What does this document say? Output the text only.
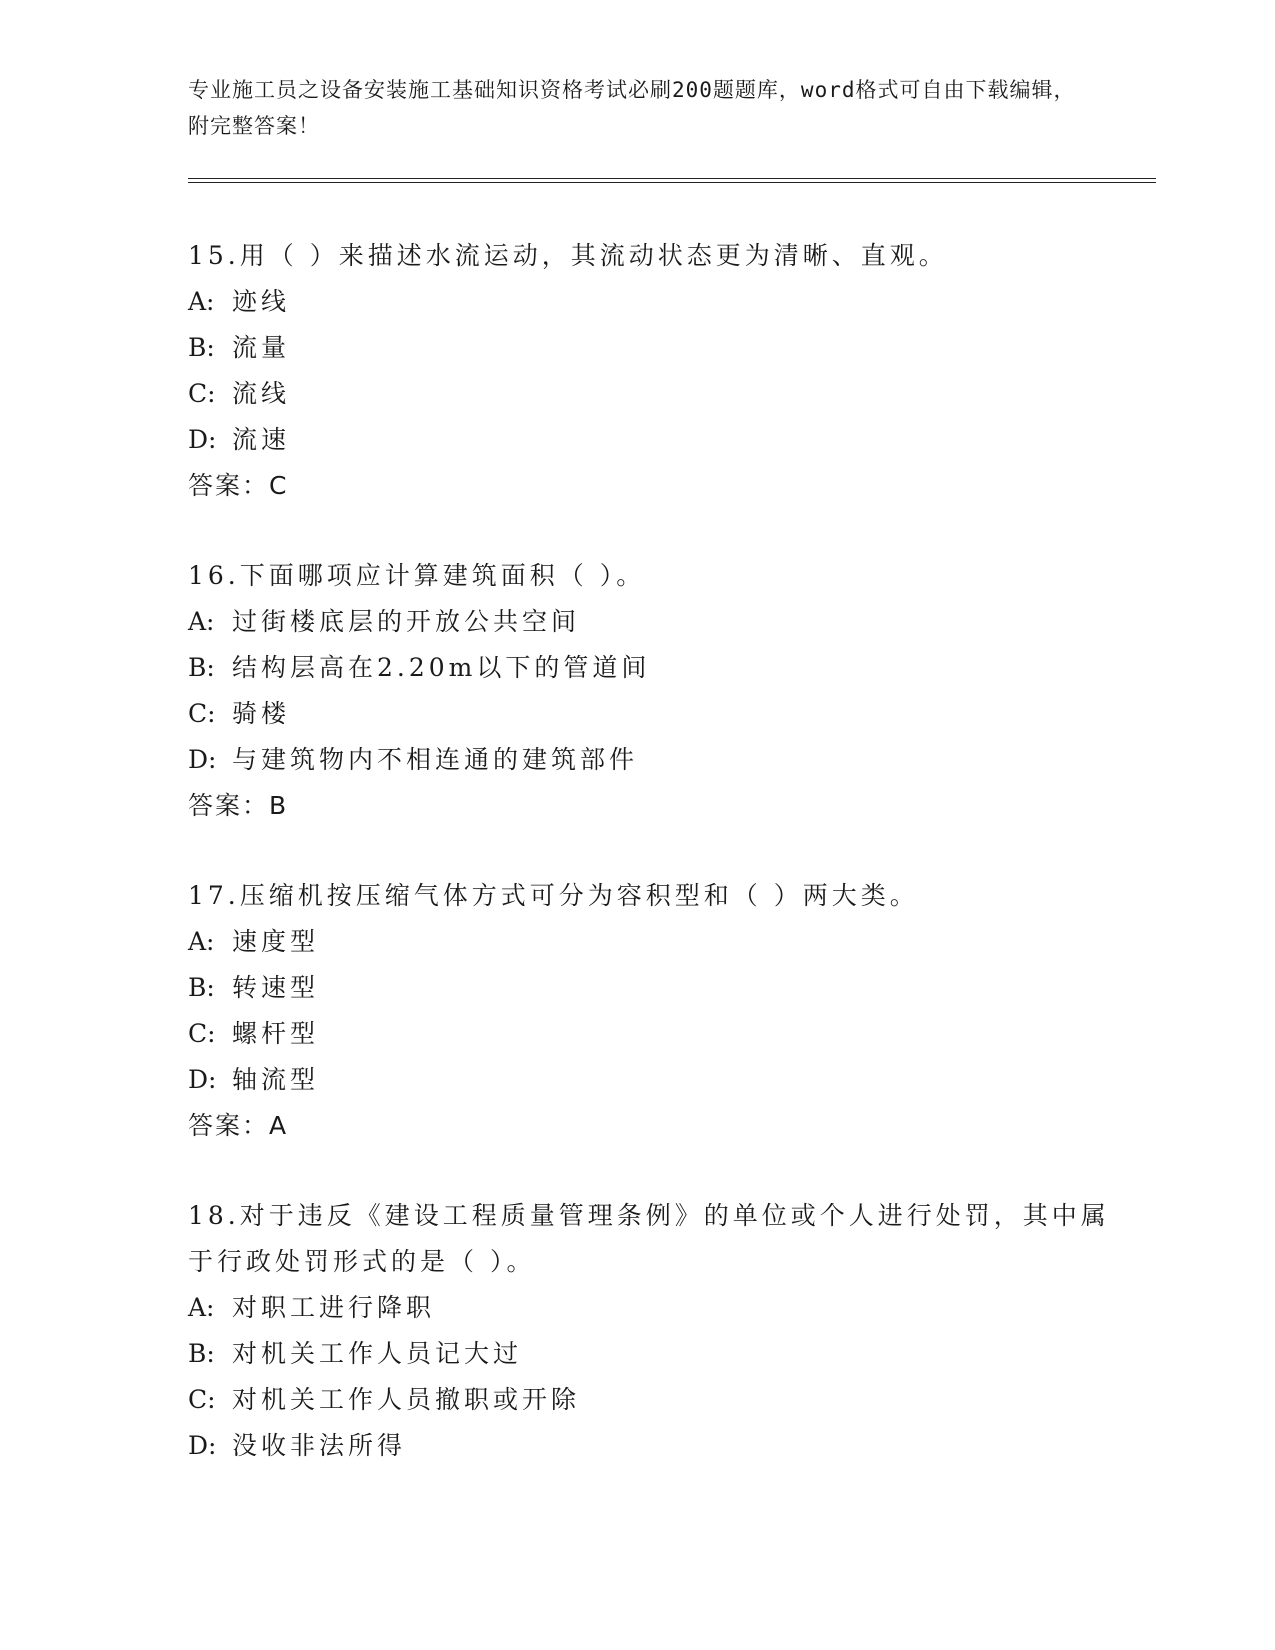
专业施工员之设备安装施工基础知识资格考试必刷200题题库，word格式可自由下载编辑，附完整答案！
15.用（ ）来描述水流运动，其流动状态更为清晰、直观。
A: 迹线
B: 流量
C: 流线
D: 流速
答案：C
16.下面哪项应计算建筑面积（ ）。
A: 过街楼底层的开放公共空间
B: 结构层高在2.20m以下的管道间
C: 骑楼
D: 与建筑物内不相连通的建筑部件
答案：B
17.压缩机按压缩气体方式可分为容积型和（ ）两大类。
A: 速度型
B: 转速型
C: 螺杆型
D: 轴流型
答案：A
18.对于违反《建设工程质量管理条例》的单位或个人进行处罚，其中属于行政处罚形式的是（ ）。
A: 对职工进行降职
B: 对机关工作人员记大过
C: 对机关工作人员撤职或开除
D: 没收非法所得
